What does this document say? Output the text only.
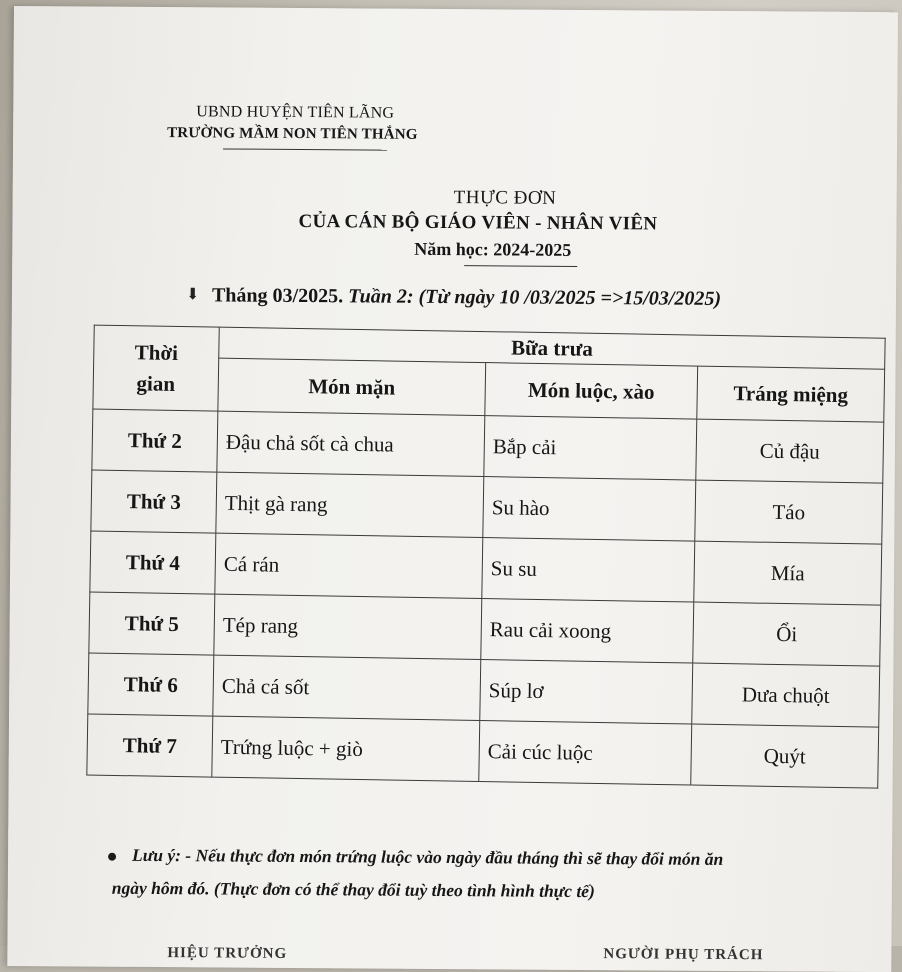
UBND HUYỆN TIÊN LÃNG
TRƯỜNG MẦM NON TIÊN THẮNG
THỰC ĐƠN
CỦA CÁN BỘ GIÁO VIÊN - NHÂN VIÊN
Năm học: 2024-2025
⬇ Tháng 03/2025. Tuần 2: (Từ ngày 10 /03/2025 =>15/03/2025)
Thời
gian	Bữa trưa		
	Món mặn	Món luộc, xào	Tráng miệng
Thứ 2	Đậu chả sốt cà chua	Bắp cải	Củ đậu
Thứ 3	Thịt gà rang	Su hào	Táo
Thứ 4	Cá rán	Su su	Mía
Thứ 5	Tép rang	Rau cải xoong	Ổi
Thứ 6	Chả cá sốt	Súp lơ	Dưa chuột
Thứ 7	Trứng luộc + giò	Cải cúc luộc	Quýt
Lưu ý: - Nếu thực đơn món trứng luộc vào ngày đầu tháng thì sẽ thay đổi món ăn
ngày hôm đó. (Thực đơn có thể thay đổi tuỳ theo tình hình thực tế)
HIỆU TRƯỞNG	NGƯỜI PHỤ TRÁCH
